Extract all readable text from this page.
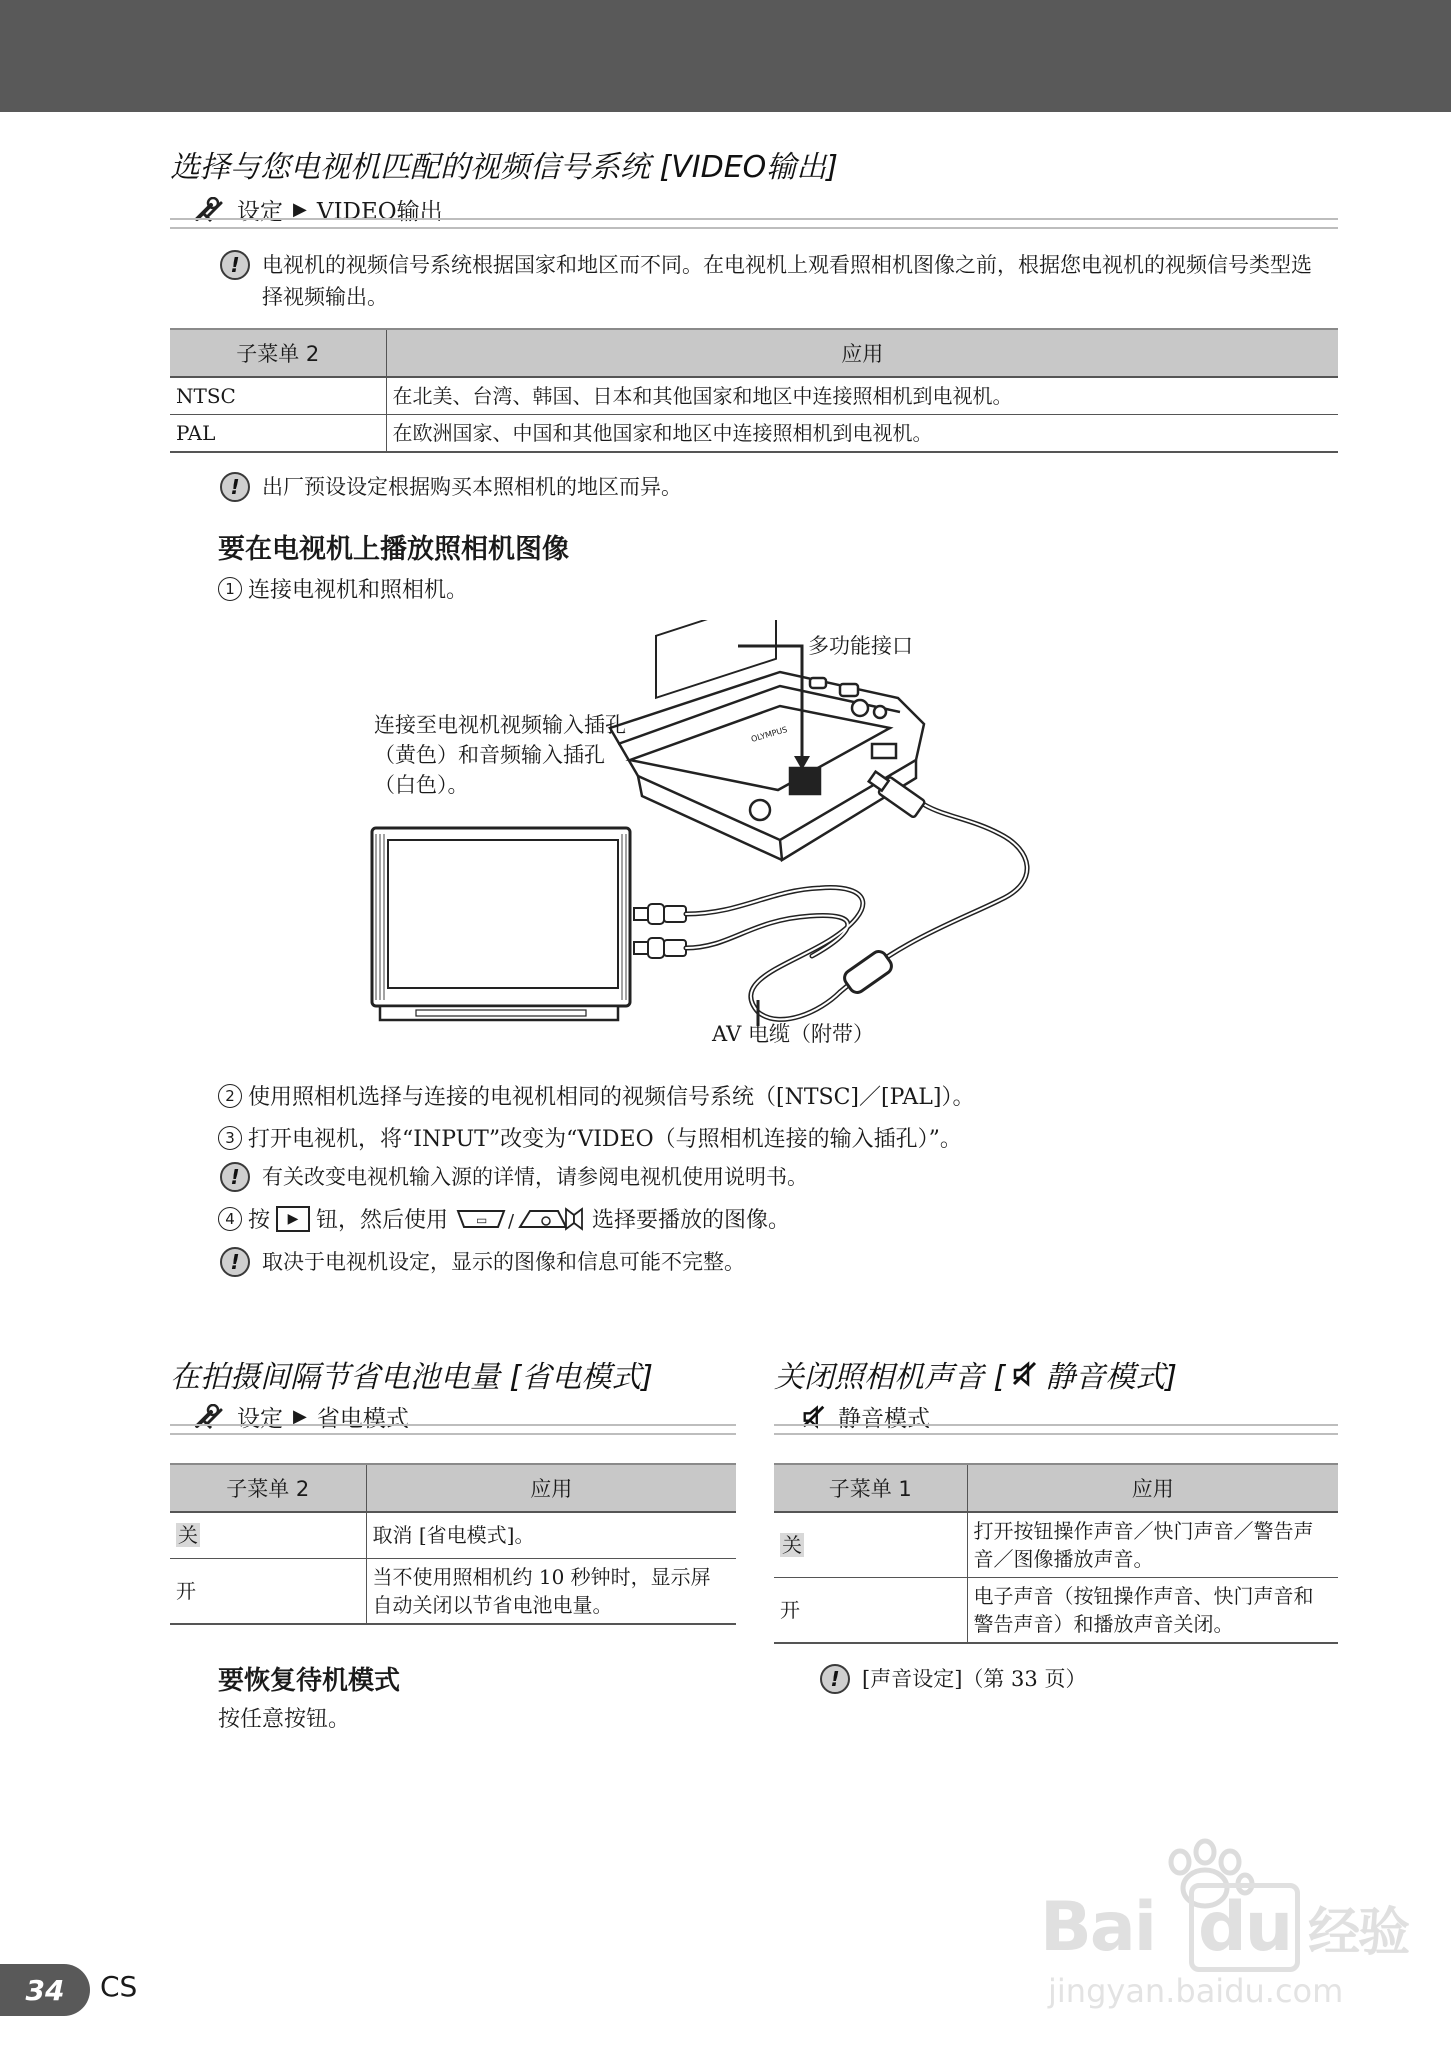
选择与您电视机匹配的视频信号系统 [VIDEO输出]
设定 ▶ VIDEO输出
!	电视机的视频信号系统根据国家和地区而不同。在电视机上观看照相机图像之前，根据您电视机的视频信号类型选择视频输出。
子菜单 2	应用
NTSC	在北美、台湾、韩国、日本和其他国家和地区中连接照相机到电视机。
PAL	在欧洲国家、中国和其他国家和地区中连接照相机到电视机。
!	出厂预设设定根据购买本照相机的地区而异。
要在电视机上播放照相机图像
1 连接电视机和照相机。
OLYMPUS
多功能接口
连接至电视机视频输入插孔（黄色）和音频输入插孔（白色）。
AV 电缆（附带）
2 使用照相机选择与连接的电视机相同的视频信号系统（[NTSC]／[PAL]）。
3 打开电视机，将“INPUT”改变为“VIDEO（与照相机连接的输入插孔）”。
!	有关改变电视机输入源的详情，请参阅电视机使用说明书。
4 按	▶ 钮，然后使用 ▭ /	选择要播放的图像。
!	取决于电视机设定，显示的图像和信息可能不完整。
在拍摄间隔节省电池电量 [省电模式]
设定 ▶ 省电模式
子菜单 2	应用
关	取消 [省电模式]。
开	当不使用照相机约 10 秒钟时，显示屏自动关闭以节省电池电量。
要恢复待机模式
按任意按钮。
关闭照相机声音 [ 静音模式]
静音模式
子菜单 1	应用
关	打开按钮操作声音／快门声音／警告声音／图像播放声音。
开	电子声音（按钮操作声音、快门声音和警告声音）和播放声音关闭。
!	[声音设定]（第 33 页）
Bai du 经验
jingyan.baidu.com
34	CS
